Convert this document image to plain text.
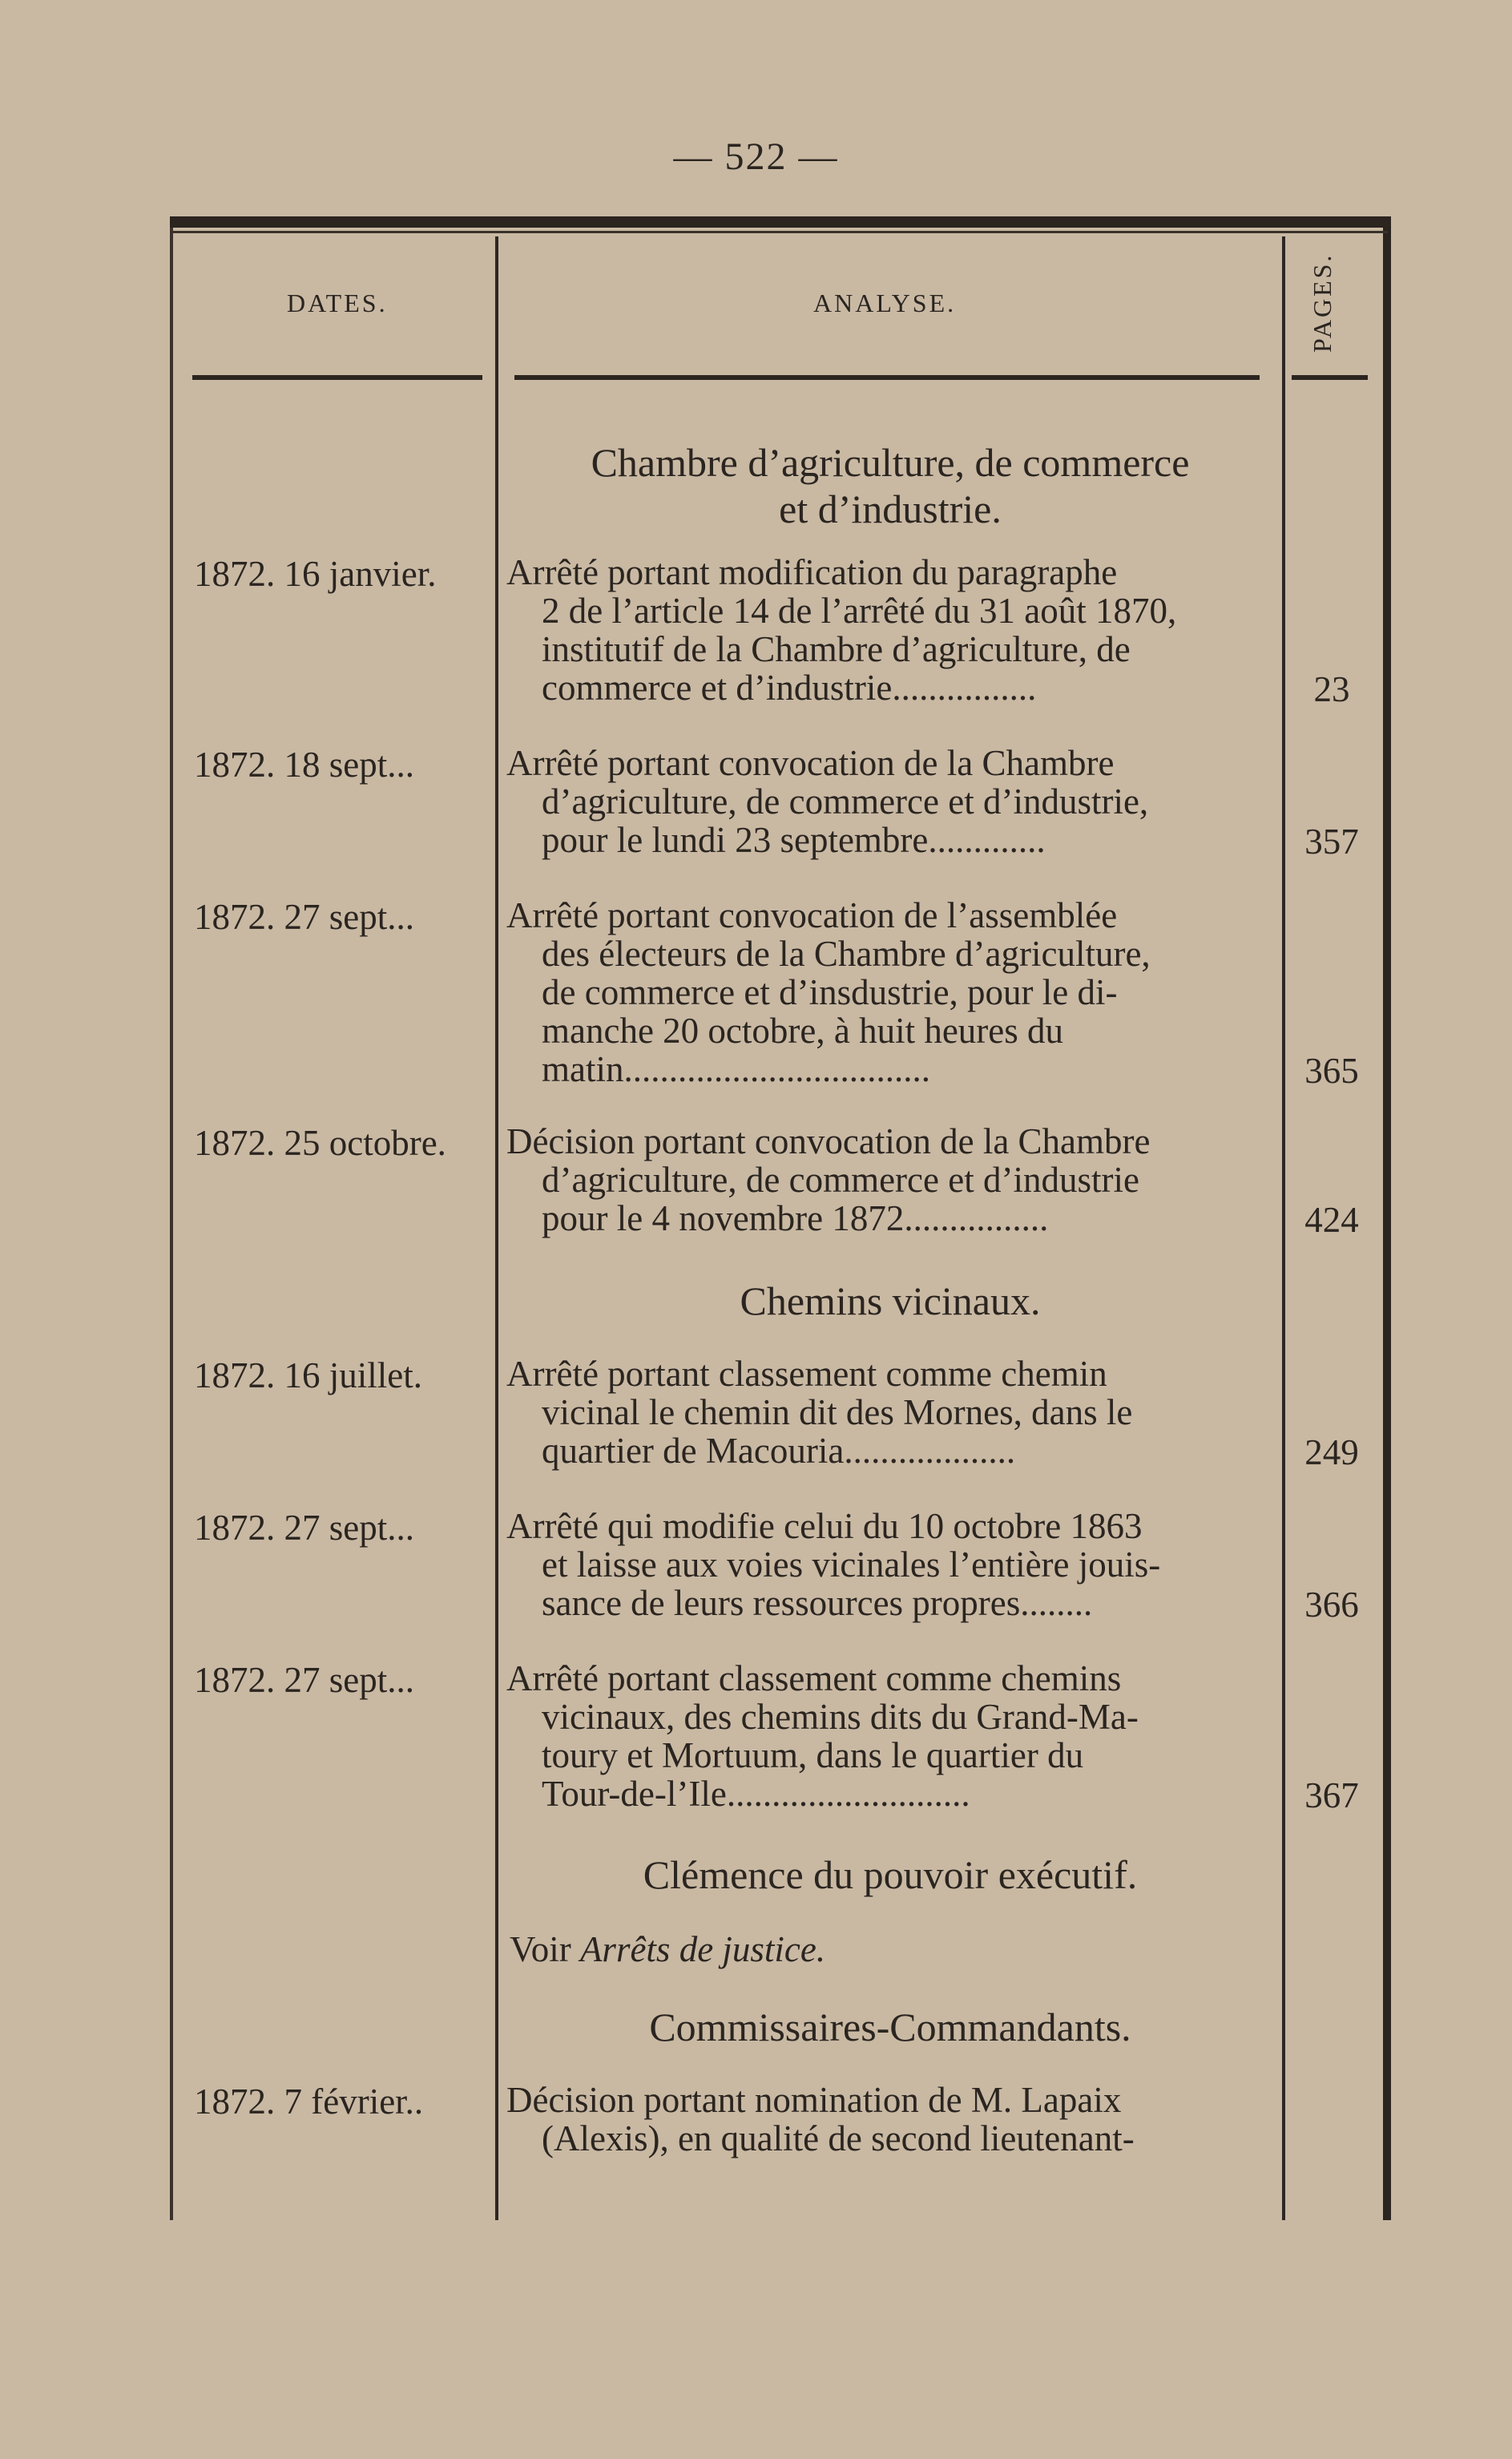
— 522 —
DATES.	ANALYSE.	PAGES.
Chambre d’agriculture, de commerce
et d’industrie.
1872. 16 janvier.	Arrêté portant modification du paragraphe
2 de l’article 14 de l’arrêté du 31 août 1870,
institutif de la Chambre d’agriculture, de
commerce et d’industrie................	23
1872. 18 sept...	Arrêté portant convocation de la Chambre
d’agriculture, de commerce et d’industrie,
pour le lundi 23 septembre.............	357
1872. 27 sept...	Arrêté portant convocation de l’assemblée
des électeurs de la Chambre d’agriculture,
de commerce et d’insdustrie, pour le di-
manche 20 octobre, à huit heures du
matin..................................	365
1872. 25 octobre.	Décision portant convocation de la Chambre
d’agriculture, de commerce et d’industrie
pour le 4 novembre 1872................	424
Chemins vicinaux.
1872. 16 juillet.	Arrêté portant classement comme chemin
vicinal le chemin dit des Mornes, dans le
quartier de Macouria...................	249
1872. 27 sept...	Arrêté qui modifie celui du 10 octobre 1863
et laisse aux voies vicinales l’entière jouis-
sance de leurs ressources propres........	366
1872. 27 sept...	Arrêté portant classement comme chemins
vicinaux, des chemins dits du Grand-Ma-
toury et Mortuum, dans le quartier du
Tour-de-l’Ile...........................	367
Clémence du pouvoir exécutif.
Voir Arrêts de justice.
Commissaires-Commandants.
1872. 7 février..	Décision portant nomination de M. Lapaix
(Alexis), en qualité de second lieutenant-
